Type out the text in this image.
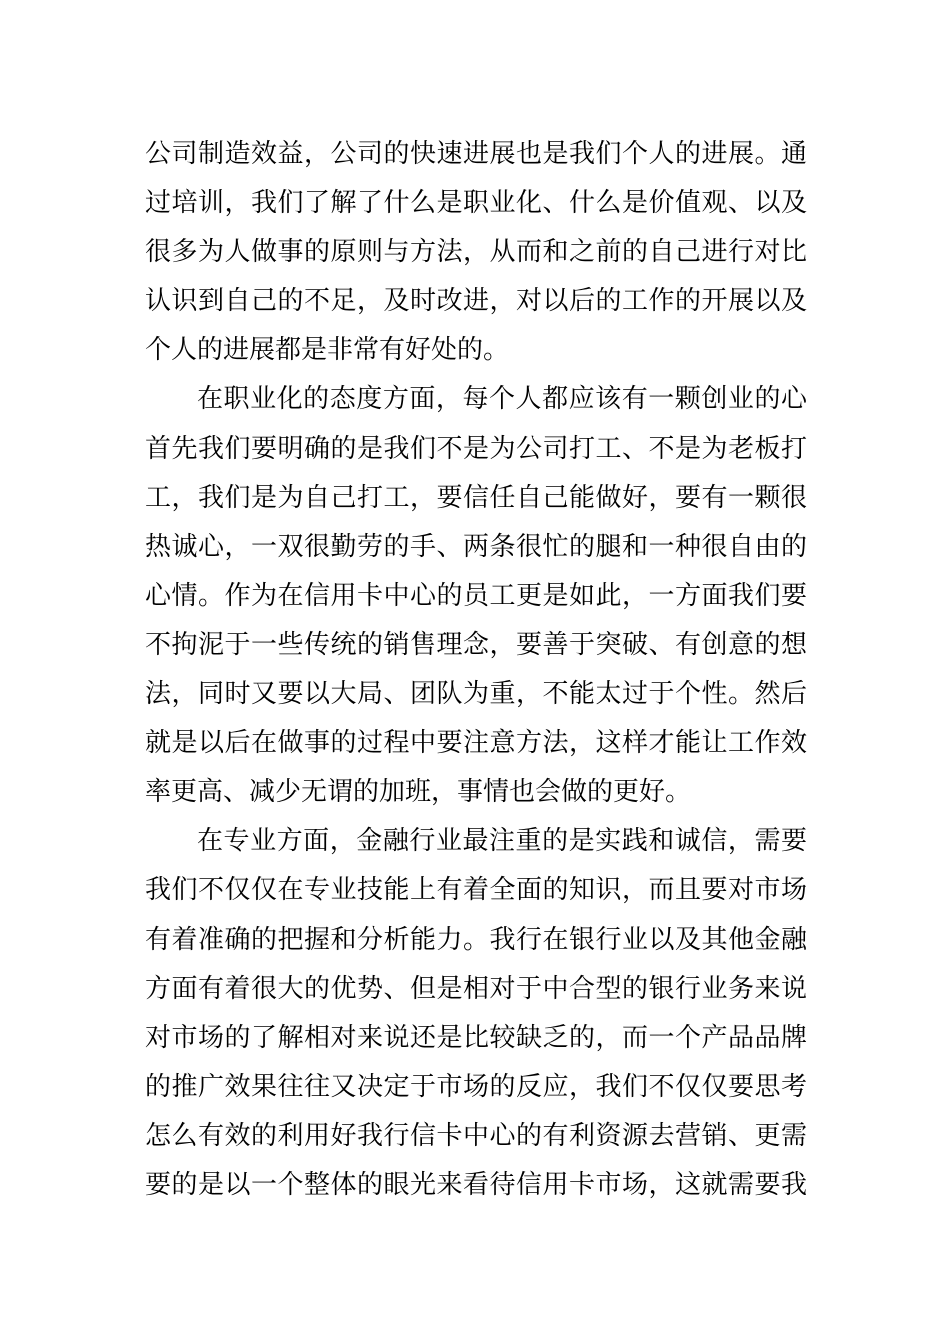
公司制造效益，公司的快速进展也是我们个人的进展。通
过培训，我们了解了什么是职业化、什么是价值观、以及
很多为人做事的原则与方法，从而和之前的自己进行对比
认识到自己的不足，及时改进，对以后的工作的开展以及
个人的进展都是非常有好处的。
在职业化的态度方面，每个人都应该有一颗创业的心
首先我们要明确的是我们不是为公司打工、不是为老板打
工，我们是为自己打工，要信任自己能做好，要有一颗很
热诚心，一双很勤劳的手、两条很忙的腿和一种很自由的
心情。作为在信用卡中心的员工更是如此，一方面我们要
不拘泥于一些传统的销售理念，要善于突破、有创意的想
法，同时又要以大局、团队为重，不能太过于个性。然后
就是以后在做事的过程中要注意方法，这样才能让工作效
率更高、减少无谓的加班，事情也会做的更好。
在专业方面，金融行业最注重的是实践和诚信，需要
我们不仅仅在专业技能上有着全面的知识，而且要对市场
有着准确的把握和分析能力。我行在银行业以及其他金融
方面有着很大的优势、但是相对于中合型的银行业务来说
对市场的了解相对来说还是比较缺乏的，而一个产品品牌
的推广效果往往又决定于市场的反应，我们不仅仅要思考
怎么有效的利用好我行信卡中心的有利资源去营销、更需
要的是以一个整体的眼光来看待信用卡市场，这就需要我
